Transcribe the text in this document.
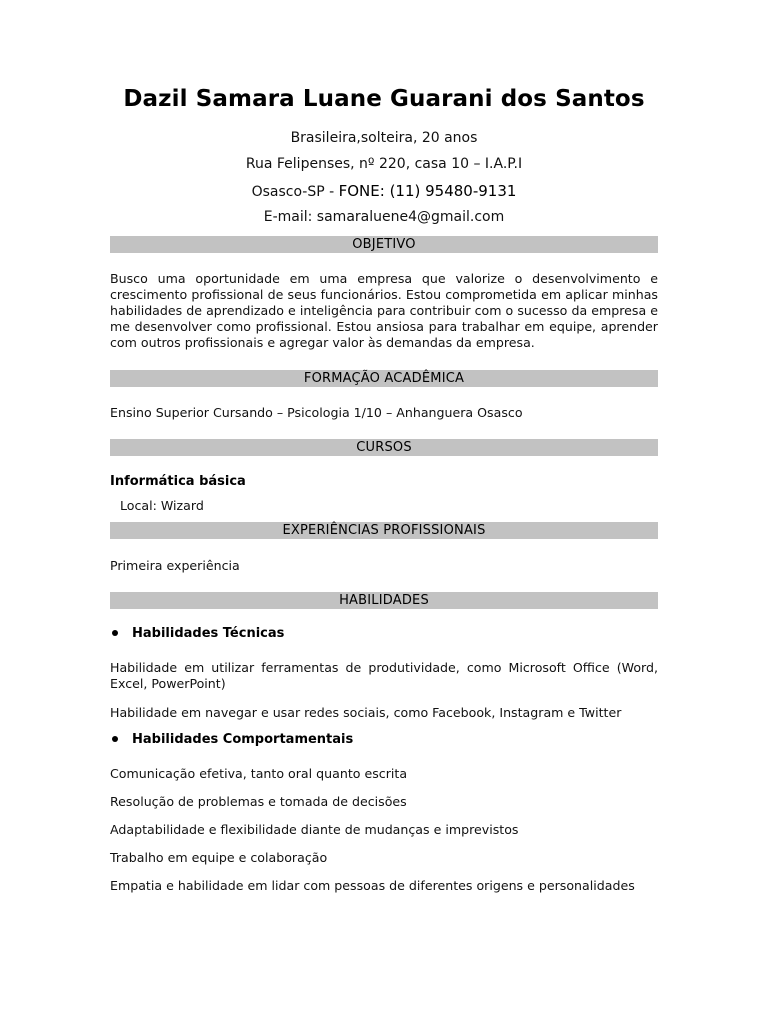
Dazil Samara Luane Guarani dos Santos
Brasileira,solteira, 20 anos
Rua Felipenses, nº 220, casa 10 – I.A.P.I
Osasco-SP - FONE: (11) 95480-9131
E-mail: samaraluene4@gmail.com
OBJETIVO
Busco uma oportunidade em uma empresa que valorize o desenvolvimento e crescimento profissional de seus funcionários. Estou comprometida em aplicar minhas habilidades de aprendizado e inteligência para contribuir com o sucesso da empresa e me desenvolver como profissional. Estou ansiosa para trabalhar em equipe, aprender com outros profissionais e agregar valor às demandas da empresa.
FORMAÇÃO ACADÊMICA
Ensino Superior Cursando – Psicologia 1/10 – Anhanguera Osasco
CURSOS
Informática básica
Local: Wizard
EXPERIÊNCIAS PROFISSIONAIS
Primeira experiência
HABILIDADES
Habilidades Técnicas
Habilidade em utilizar ferramentas de produtividade, como Microsoft Office (Word, Excel, PowerPoint)
Habilidade em navegar e usar redes sociais, como Facebook, Instagram e Twitter
Habilidades Comportamentais
Comunicação efetiva, tanto oral quanto escrita
Resolução de problemas e tomada de decisões
Adaptabilidade e flexibilidade diante de mudanças e imprevistos
Trabalho em equipe e colaboração
Empatia e habilidade em lidar com pessoas de diferentes origens e personalidades
